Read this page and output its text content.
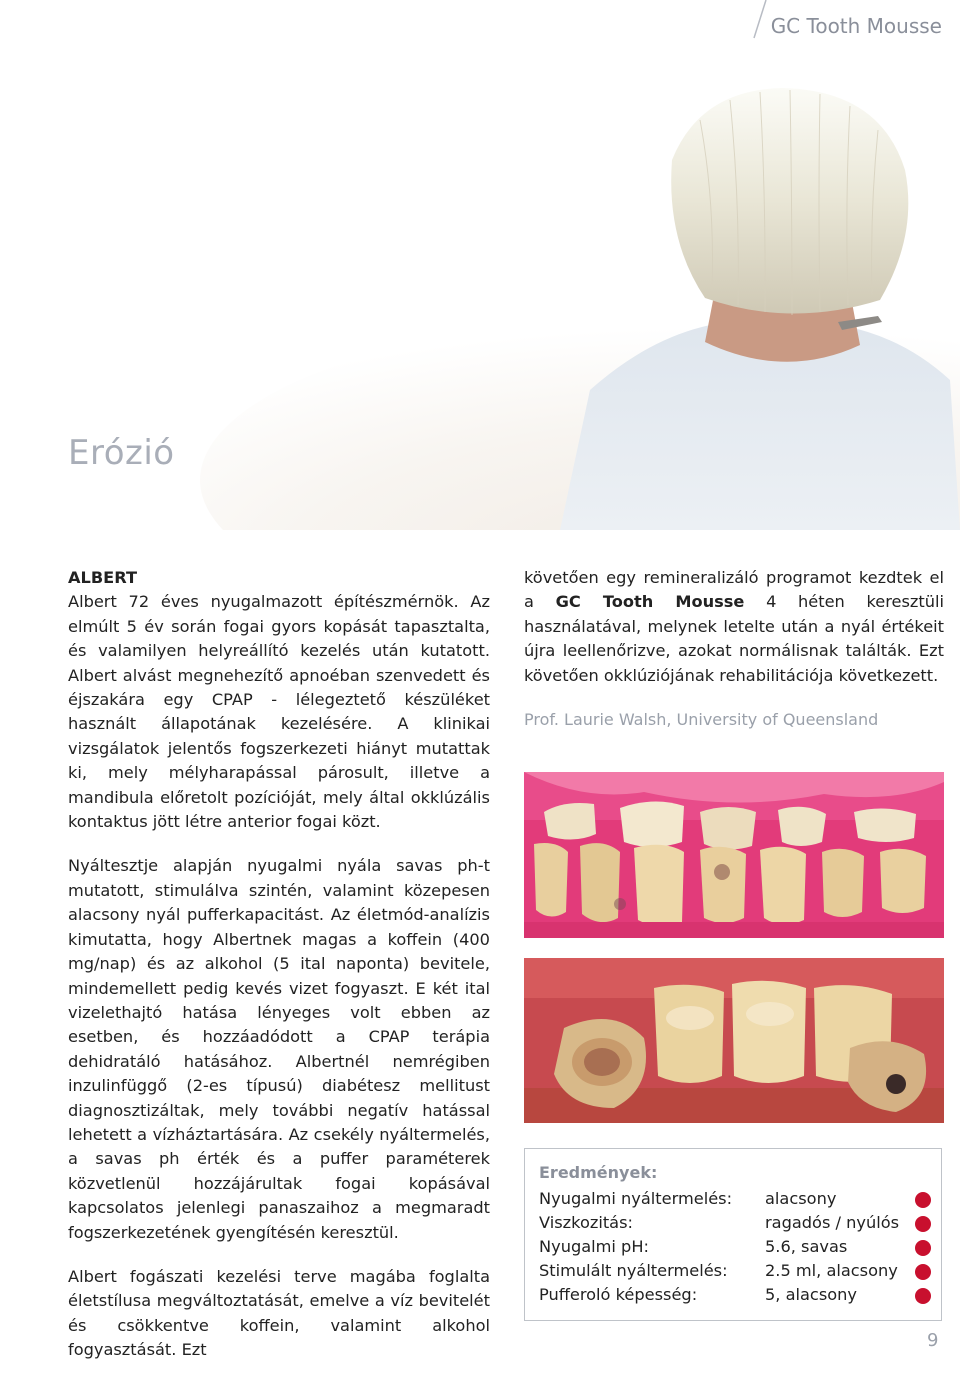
GC Tooth Mousse
Erózió

ALBERT
Albert 72 éves nyugalmazott építészmérnök. Az elmúlt 5 év során fogai gyors kopását tapasztalta, és valamilyen helyreállító kezelés után kutatott. Albert alvást megnehezítő apnoéban szenvedett és éjszakára egy CPAP - lélegeztető készüléket használt állapotának kezelésére. A klinikai vizsgálatok jelentős fogszerkezeti hiányt mutattak ki, mely mélyharapással párosult, illetve a mandibula előretolt pozícióját, mely által okklúzális kontaktus jött létre anterior fogai közt.

Nyáltesztje alapján nyugalmi nyála savas ph-t mutatott, stimulálva szintén, valamint közepesen alacsony nyál pufferkapacitást. Az életmód-analízis kimutatta, hogy Albertnek magas a koffein (400 mg/nap) és az alkohol (5 ital naponta) bevitele, mindemellett pedig kevés vizet fogyaszt. E két ital vizelethajtó hatása lényeges volt ebben az esetben, és hozzáadódott a CPAP terápia dehidratáló hatásához. Albertnél nemrégiben inzulinfüggő (2-es típusú) diabétesz mellitust diagnosztizáltak, mely további negatív hatással lehetett a vízháztartására. Az csekély nyáltermelés, a savas ph érték és a puffer paraméterek közvetlenül hozzájárultak fogai kopásával kapcsolatos jelenlegi panaszaihoz a megmaradt fogszerkezetének gyengítésén keresztül.

Albert fogászati kezelési terve magába foglalta életstílusa megváltoztatását, emelve a víz bevitelét és csökkentve koffein, valamint alkohol fogyasztását. Ezt

követően egy remineralizáló programot kezdtek el a GC Tooth Mousse 4 héten keresztüli használatával, melynek letelte után a nyál értékeit újra leellenőrizve, azokat normálisnak találták. Ezt követően okklúziójának rehabilitációja következett.

Prof. Laurie Walsh, University of Queensland
Eredmények:
Nyugalmi nyáltermelés: alacsony
Viszkozitás:	ragadós / nyúlós
Nyugalmi pH:	5.6, savas
Stimulált nyáltermelés: 2.5 ml, alacsony
Pufferoló képesség:	5, alacsony
9
